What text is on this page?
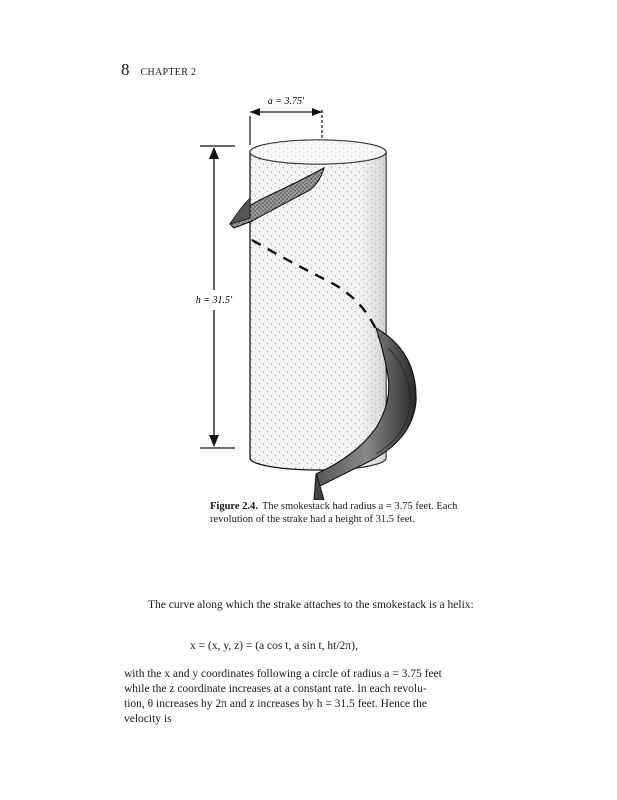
8 CHAPTER 2
a = 3.75'
h = 31.5'
Figure 2.4. The smokestack had radius a = 3.75 feet. Each revolution of the strake had a height of 31.5 feet.
The curve along which the strake attaches to the smokestack is a helix:
x = (x, y, z) = (a cos t, a sin t, ht/2π),
with the x and y coordinates following a circle of radius a = 3.75 feet
while the z coordinate increases at a constant rate. In each revolu-
tion, θ increases by 2π and z increases by h = 31.5 feet. Hence the
velocity is
